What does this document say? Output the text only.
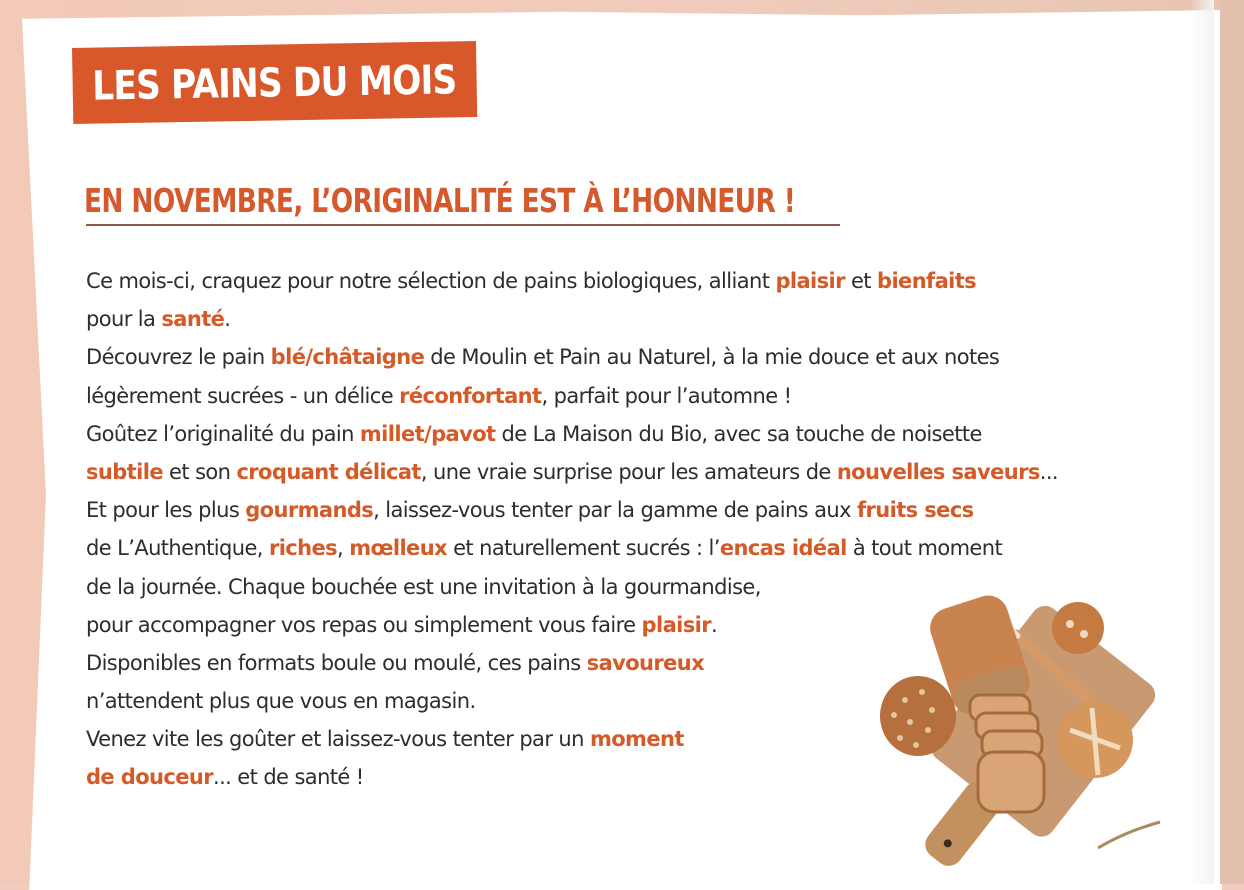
LES PAINS DU MOIS
EN NOVEMBRE, L’ORIGINALITÉ EST À L’HONNEUR !
Ce mois-ci, craquez pour notre sélection de pains biologiques, alliant plaisir et bienfaits
pour la santé.
Découvrez le pain blé/châtaigne de Moulin et Pain au Naturel, à la mie douce et aux notes
légèrement sucrées - un délice réconfortant, parfait pour l’automne !
Goûtez l’originalité du pain millet/pavot de La Maison du Bio, avec sa touche de noisette
subtile et son croquant délicat, une vraie surprise pour les amateurs de nouvelles saveurs...
Et pour les plus gourmands, laissez-vous tenter par la gamme de pains aux fruits secs
de L’Authentique, riches, mœlleux et naturellement sucrés : l’encas idéal à tout moment
de la journée. Chaque bouchée est une invitation à la gourmandise,
pour accompagner vos repas ou simplement vous faire plaisir.
Disponibles en formats boule ou moulé, ces pains savoureux
n’attendent plus que vous en magasin.
Venez vite les goûter et laissez-vous tenter par un moment
de douceur... et de santé !
